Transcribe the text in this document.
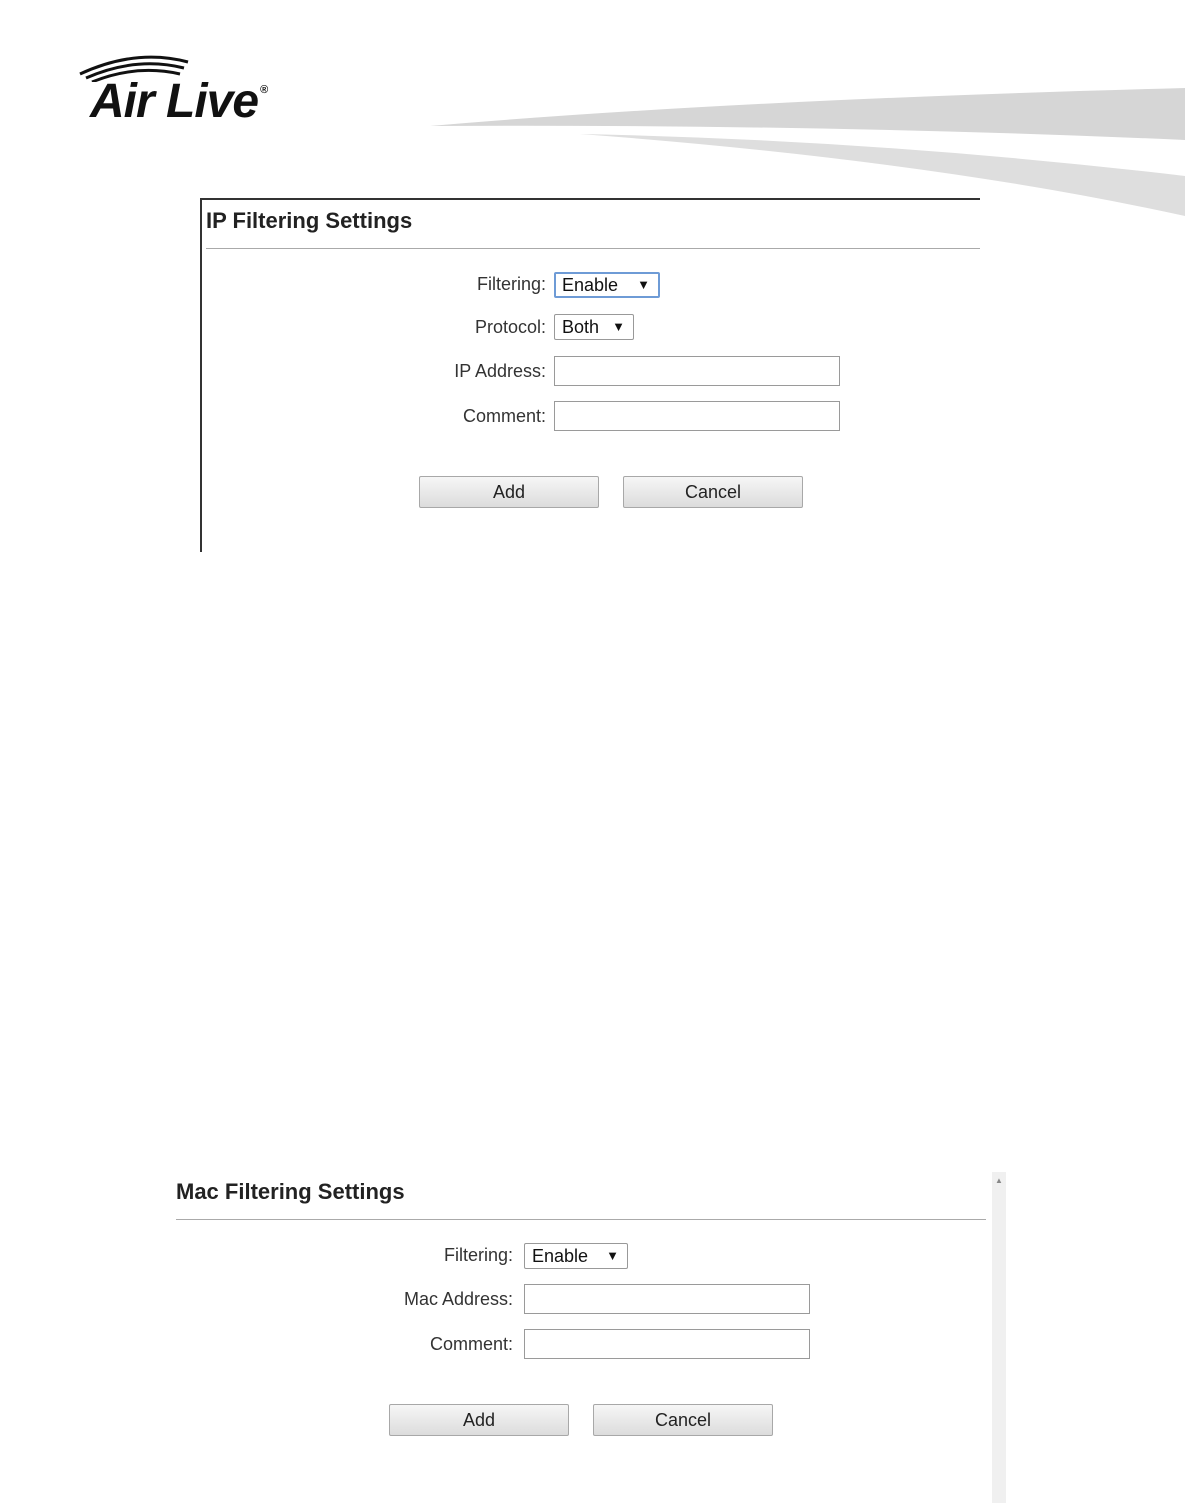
Air Live ®
IP Filtering Settings
Filtering: Enable ▼
Protocol: Both ▼
IP Address:
Comment:
Add	Cancel
Mac Filtering Settings
Filtering:	Enable ▼
Mac Address:
Comment:
Add	Cancel
▲
